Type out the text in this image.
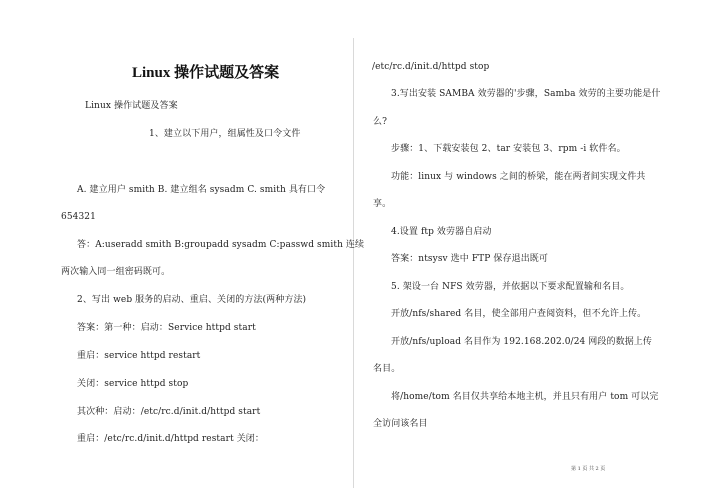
Linux 操作试题及答案
Linux 操作试题及答案
1、建立以下用户，组属性及口令文件
A. 建立用户 smith B. 建立组名 sysadm C. smith 具有口令
654321
答：A:useradd smith B:groupadd sysadm C:passwd smith 连续
两次输入同一组密码既可。
2、写出 web 服务的启动、重启、关闭的方法(两种方法)
答案：第一种：启动：Service httpd start
重启：service httpd restart
关闭：service httpd stop
其次种：启动：/etc/rc.d/init.d/httpd start
重启：/etc/rc.d/init.d/httpd restart 关闭：
/etc/rc.d/init.d/httpd stop
3.写出安装 SAMBA 效劳器的'步骤，Samba 效劳的主要功能是什
么?
步骤：1、下载安装包 2、tar 安装包 3、rpm -i 软件名。
功能：linux 与 windows 之间的桥梁，能在两者间实现文件共
享。
4.设置 ftp 效劳器自启动
答案：ntsysv 选中 FTP 保存退出既可
5. 架设一台 NFS 效劳器，并依据以下要求配置输和名目。
开放/nfs/shared 名目，使全部用户查阅资料，但不允许上传。
开放/nfs/upload 名目作为 192.168.202.0/24 网段的数据上传
名目。
将/home/tom 名目仅共享给本地主机，并且只有用户 tom 可以完
全访问该名目
第 1 页 共 2 页
